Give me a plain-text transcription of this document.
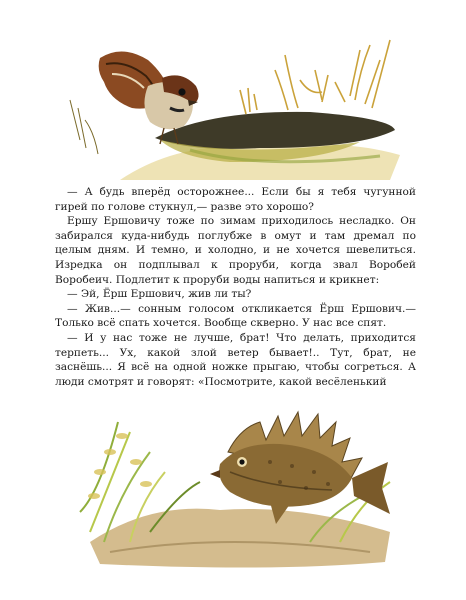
— А будь вперёд осторожнее... Если бы я тебя чугунной гирей по голове стукнул,— разве это хорошо?

Ершу Ершовичу тоже по зимам приходилось несладко. Он забирался куда-нибудь поглубже в омут и там дремал по целым дням. И темно, и холодно, и не хочется шевелиться. Изредка он подплывал к проруби, когда звал Воробей Воробеич. Подлетит к проруби воды напиться и крикнет:

— Эй, Ёрш Ершович, жив ли ты?

— Жив...— сонным голосом откликается Ёрш Ершович.— Только всё спать хочется. Вообще скверно. У нас все спят.

— И у нас тоже не лучше, брат! Что делать, приходится терпеть... Ух, какой злой ветер бывает!.. Тут, брат, не заснёшь... Я всё на одной ножке прыгаю, чтобы согреться. А люди смотрят и говорят: «Посмотрите, какой весёленький
